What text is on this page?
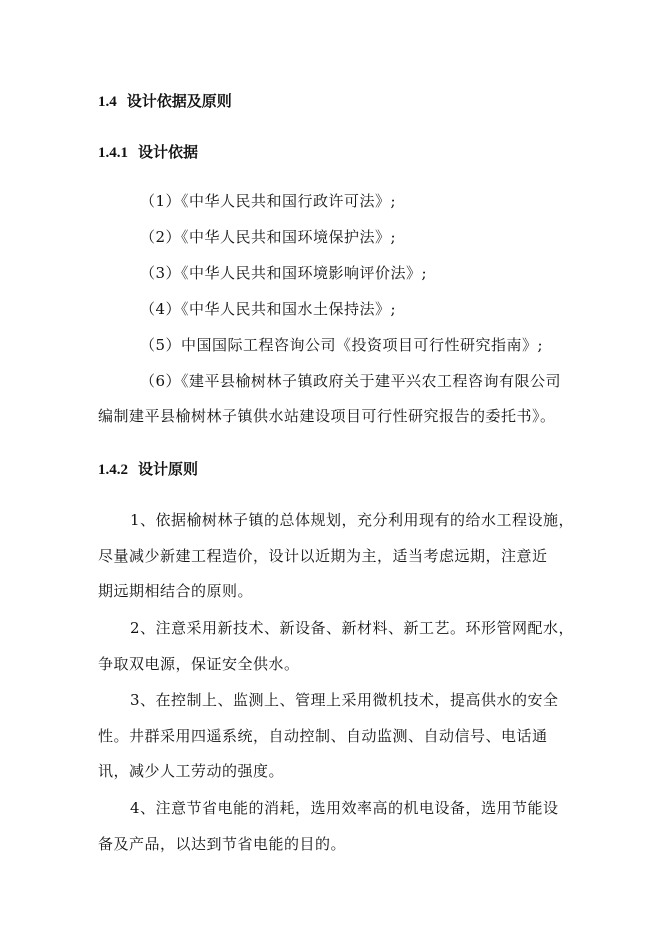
1.4 设计依据及原则
1.4.1 设计依据
（1）《中华人民共和国行政许可法》;
（2）《中华人民共和国环境保护法》;
（3）《中华人民共和国环境影响评价法》;
（4）《中华人民共和国水土保持法》;
（5）中国国际工程咨询公司《投资项目可行性研究指南》;
（6）《建平县榆树林子镇政府关于建平兴农工程咨询有限公司
编制建平县榆树林子镇供水站建设项目可行性研究报告的委托书》。
1.4.2 设计原则
1、依据榆树林子镇的总体规划，充分利用现有的给水工程设施，
尽量减少新建工程造价，设计以近期为主，适当考虑远期，注意近
期远期相结合的原则。
2、注意采用新技术、新设备、新材料、新工艺。环形管网配水，
争取双电源，保证安全供水。
3、在控制上、监测上、管理上采用微机技术，提高供水的安全
性。井群采用四遥系统，自动控制、自动监测、自动信号、电话通
讯，减少人工劳动的强度。
4、注意节省电能的消耗，选用效率高的机电设备，选用节能设
备及产品，以达到节省电能的目的。
